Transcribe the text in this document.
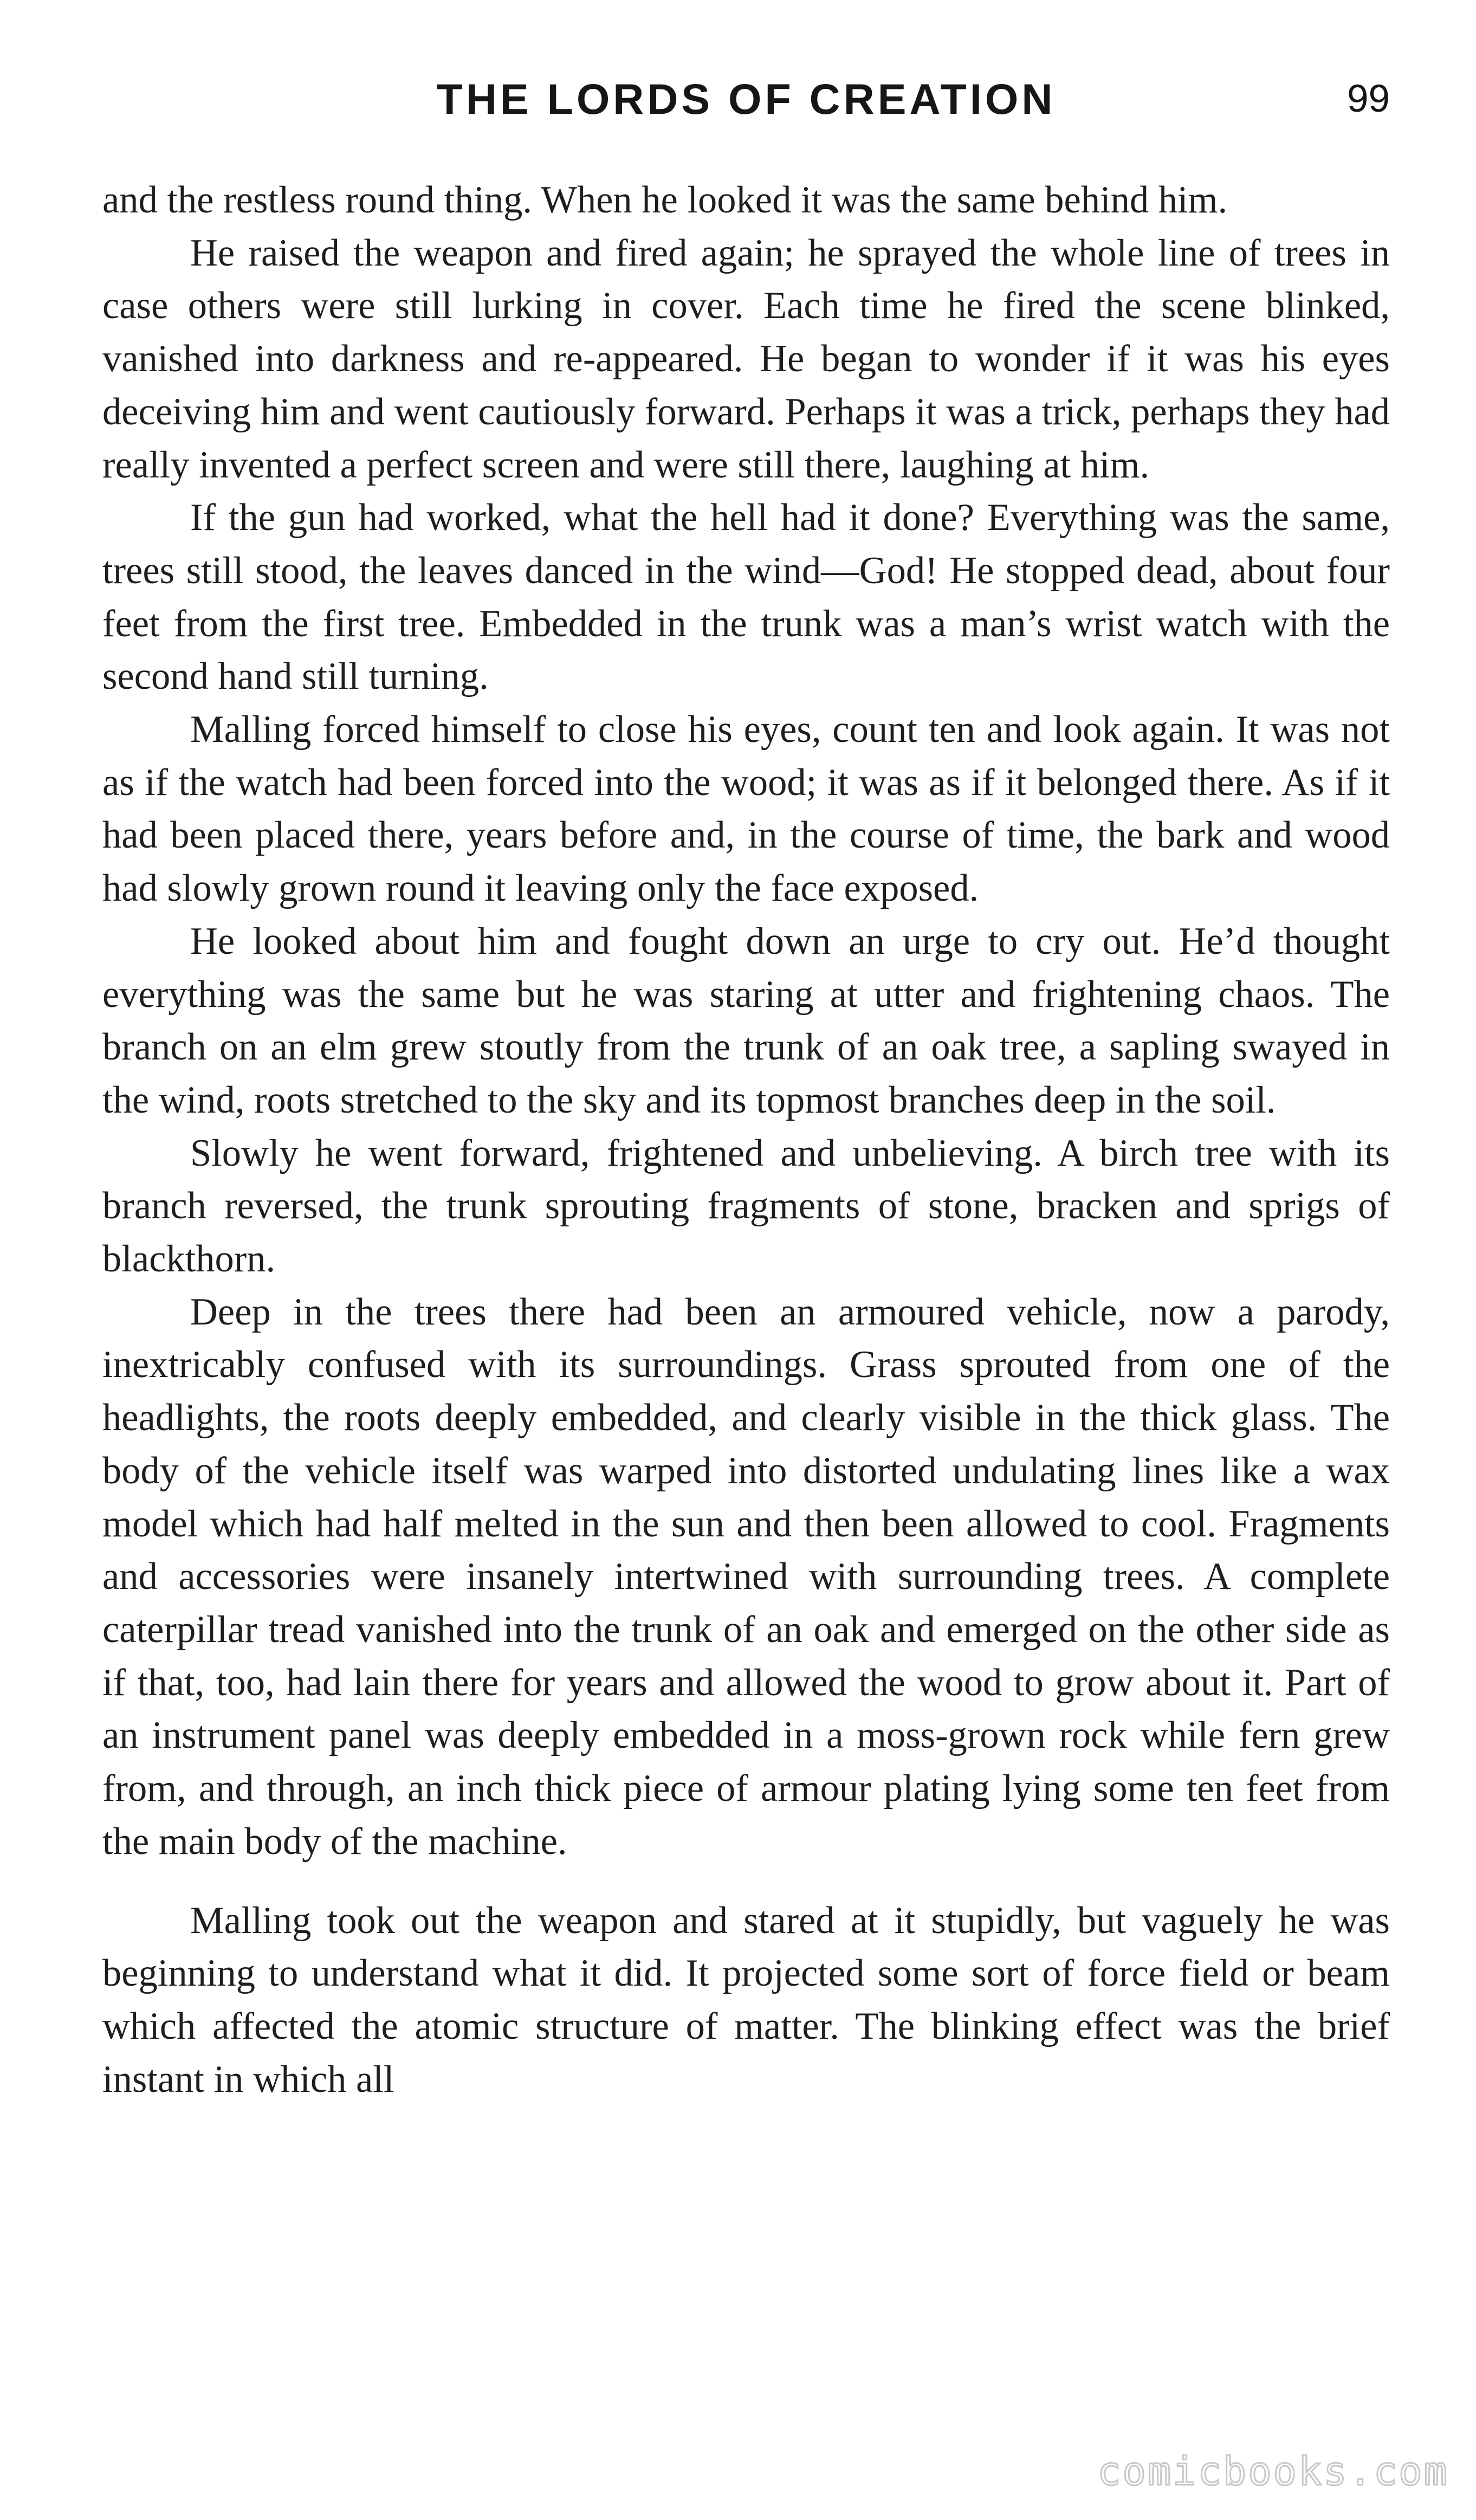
THE LORDS OF CREATION	99

and the restless round thing. When he looked it was the same behind him.

He raised the weapon and fired again; he sprayed the whole line of trees in case others were still lurking in cover. Each time he fired the scene blinked, vanished into darkness and re-appeared. He began to wonder if it was his eyes deceiving him and went cautiously forward. Perhaps it was a trick, perhaps they had really invented a perfect screen and were still there, laughing at him.

If the gun had worked, what the hell had it done? Everything was the same, trees still stood, the leaves danced in the wind—God! He stopped dead, about four feet from the first tree. Embedded in the trunk was a man’s wrist watch with the second hand still turning.

Malling forced himself to close his eyes, count ten and look again. It was not as if the watch had been forced into the wood; it was as if it belonged there. As if it had been placed there, years before and, in the course of time, the bark and wood had slowly grown round it leaving only the face exposed.

He looked about him and fought down an urge to cry out. He’d thought everything was the same but he was staring at utter and frightening chaos. The branch on an elm grew stoutly from the trunk of an oak tree, a sapling swayed in the wind, roots stretched to the sky and its topmost branches deep in the soil.

Slowly he went forward, frightened and unbelieving. A birch tree with its branch reversed, the trunk sprouting fragments of stone, bracken and sprigs of blackthorn.

Deep in the trees there had been an armoured vehicle, now a parody, inextricably confused with its surroundings. Grass sprouted from one of the headlights, the roots deeply embedded, and clearly visible in the thick glass. The body of the vehicle itself was warped into distorted undulating lines like a wax model which had half melted in the sun and then been allowed to cool. Fragments and accessories were insanely intertwined with surrounding trees. A complete caterpillar tread vanished into the trunk of an oak and emerged on the other side as if that, too, had lain there for years and allowed the wood to grow about it. Part of an instrument panel was deeply embedded in a moss-grown rock while fern grew from, and through, an inch thick piece of armour plating lying some ten feet from the main body of the machine.

Malling took out the weapon and stared at it stupidly, but vaguely he was beginning to understand what it did. It projected some sort of force field or beam which affected the atomic structure of matter. The blinking effect was the brief instant in which all

comicbooks.com
